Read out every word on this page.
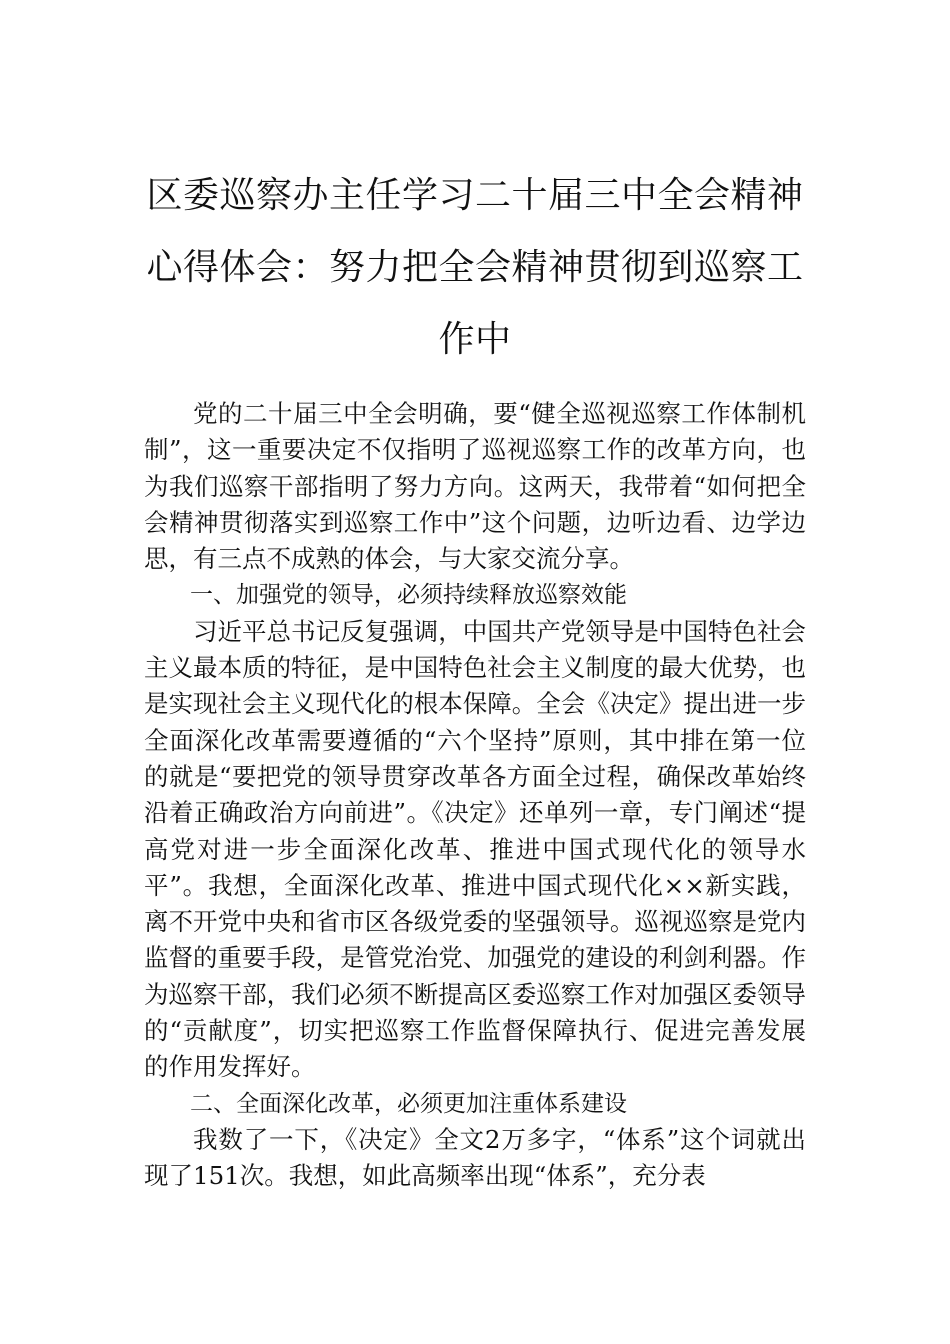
区委巡察办主任学习二十届三中全会精神
心得体会：努力把全会精神贯彻到巡察工
作中

党的二十届三中全会明确，要“健全巡视巡察工作体制机制”，这一重要决定不仅指明了巡视巡察工作的改革方向，也为我们巡察干部指明了努力方向。这两天，我带着“如何把全会精神贯彻落实到巡察工作中”这个问题，边听边看、边学边思，有三点不成熟的体会，与大家交流分享。

一、加强党的领导，必须持续释放巡察效能

习近平总书记反复强调，中国共产党领导是中国特色社会主义最本质的特征，是中国特色社会主义制度的最大优势，也是实现社会主义现代化的根本保障。全会《决定》提出进一步全面深化改革需要遵循的“六个坚持”原则，其中排在第一位的就是“要把党的领导贯穿改革各方面全过程，确保改革始终沿着正确政治方向前进”。《决定》还单列一章，专门阐述“提高党对进一步全面深化改革、推进中国式现代化的领导水平”。我想，全面深化改革、推进中国式现代化××新实践，离不开党中央和省市区各级党委的坚强领导。巡视巡察是党内监督的重要手段，是管党治党、加强党的建设的利剑利器。作为巡察干部，我们必须不断提高区委巡察工作对加强区委领导的“贡献度”，切实把巡察工作监督保障执行、促进完善发展的作用发挥好。

二、全面深化改革，必须更加注重体系建设

我数了一下，《决定》全文2万多字，“体系”这个词就出现了151次。我想，如此高频率出现“体系”，充分表
